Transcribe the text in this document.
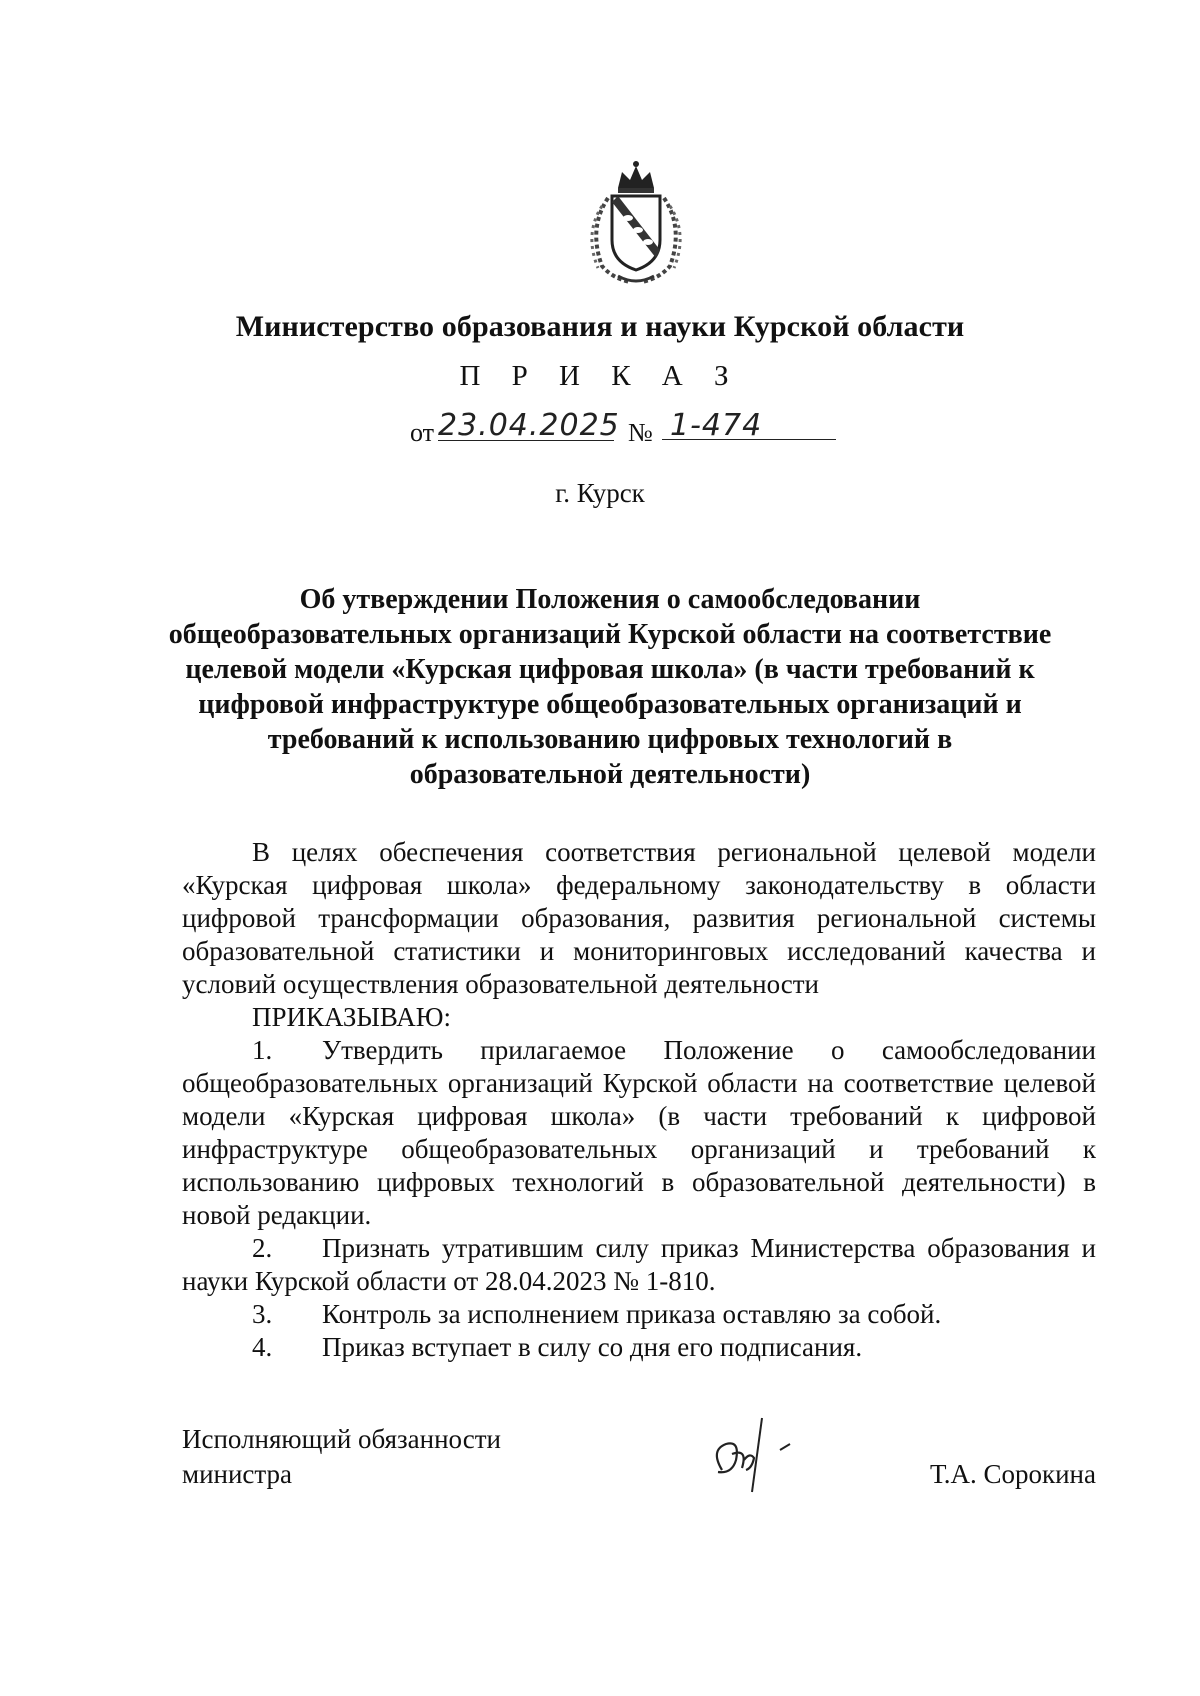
Министерство образования и науки Курской области
П Р И К А З
от 23.04.2025 № 1-474
г. Курск
Об утверждении Положения о самообследовании
общеобразовательных организаций Курской области на соответствие
целевой модели «Курская цифровая школа» (в части требований к
цифровой инфраструктуре общеобразовательных организаций и
требований к использованию цифровых технологий в
образовательной деятельности)

В целях обеспечения соответствия региональной целевой модели «Курская цифровая школа» федеральному законодательству в области цифровой трансформации образования, развития региональной системы образовательной статистики и мониторинговых исследований качества и условий осуществления образовательной деятельности

ПРИКАЗЫВАЮ:

1. Утвердить прилагаемое Положение о самообследовании общеобразовательных организаций Курской области на соответствие целевой модели «Курская цифровая школа» (в части требований к цифровой инфраструктуре общеобразовательных организаций и требований к использованию цифровых технологий в образовательной деятельности) в новой редакции.

2. Признать утратившим силу приказ Министерства образования и науки Курской области от 28.04.2023 № 1-810.

3. Контроль за исполнением приказа оставляю за собой.

4. Приказ вступает в силу со дня его подписания.

Исполняющий обязанности
министра	Т.А. Сорокина
